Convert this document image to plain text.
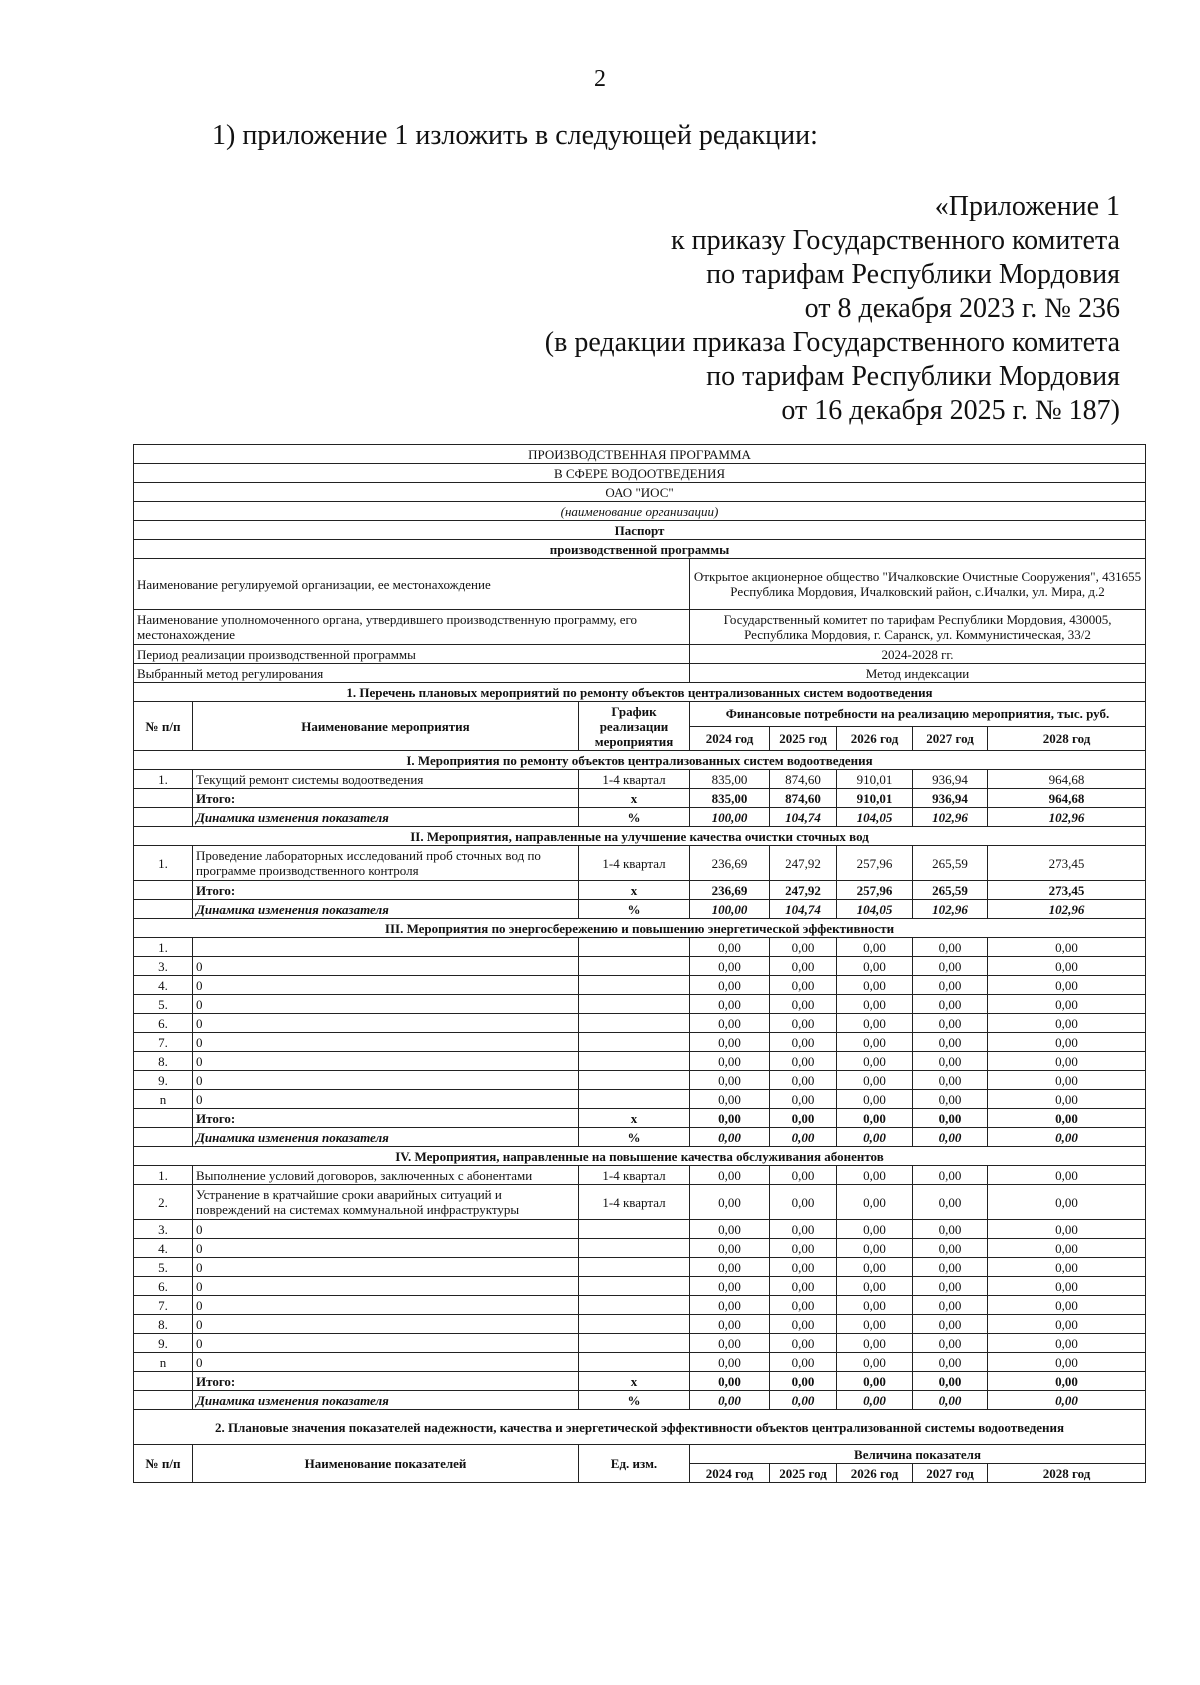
2
1) приложение 1 изложить в следующей редакции:
«Приложение 1
к приказу Государственного комитета
по тарифам Республики Мордовия
от 8 декабря 2023 г. № 236
(в редакции приказа Государственного комитета
по тарифам Республики Мордовия
от 16 декабря 2025 г. № 187)
ПРОИЗВОДСТВЕННАЯ ПРОГРАММА							
В СФЕРЕ ВОДООТВЕДЕНИЯ							
ОАО "ИОС"							
(наименование организации)							
Паспорт							
производственной программы							
Наименование регулируемой организации, ее местонахождение			Открытое акционерное общество "Ичалковские Очистные Сооружения", 431655 Республика Мордовия, Ичалковский район, с.Ичалки, ул. Мира, д.2				
Наименование уполномоченного органа, утвердившего производственную программу, его местонахождение			Государственный комитет по тарифам Республики Мордовия, 430005, Республика Мордовия, г. Саранск, ул. Коммунистическая, 33/2				
Период реализации производственной программы			2024-2028 гг.				
Выбранный метод регулирования			Метод индексации				
1. Перечень плановых мероприятий по ремонту объектов централизованных систем водоотведения							
№ п/п	Наименование мероприятия	График реализации мероприятия	Финансовые потребности на реализацию мероприятия, тыс. руб.				
			2024 год	2025 год	2026 год	2027 год	2028 год
I. Мероприятия по ремонту объектов централизованных систем водоотведения							
1.	Текущий ремонт системы водоотведения	1-4 квартал	835,00	874,60	910,01	936,94	964,68
	Итого:	x	835,00	874,60	910,01	936,94	964,68
	Динамика изменения показателя	%	100,00	104,74	104,05	102,96	102,96
II. Мероприятия, направленные на улучшение качества очистки сточных вод							
1.	Проведение лабораторных исследований проб сточных вод по программе производственного контроля	1-4 квартал	236,69	247,92	257,96	265,59	273,45
	Итого:	x	236,69	247,92	257,96	265,59	273,45
	Динамика изменения показателя	%	100,00	104,74	104,05	102,96	102,96
III. Мероприятия по энергосбережению и повышению энергетической эффективности							
1.			0,00	0,00	0,00	0,00	0,00
3.	0		0,00	0,00	0,00	0,00	0,00
4.	0		0,00	0,00	0,00	0,00	0,00
5.	0		0,00	0,00	0,00	0,00	0,00
6.	0		0,00	0,00	0,00	0,00	0,00
7.	0		0,00	0,00	0,00	0,00	0,00
8.	0		0,00	0,00	0,00	0,00	0,00
9.	0		0,00	0,00	0,00	0,00	0,00
n	0		0,00	0,00	0,00	0,00	0,00
	Итого:	x	0,00	0,00	0,00	0,00	0,00
	Динамика изменения показателя	%	0,00	0,00	0,00	0,00	0,00
IV. Мероприятия, направленные на повышение качества обслуживания абонентов							
1.	Выполнение условий договоров, заключенных с абонентами	1-4 квартал	0,00	0,00	0,00	0,00	0,00
2.	Устранение в кратчайшие сроки аварийных ситуаций и повреждений на системах коммунальной инфраструктуры	1-4 квартал	0,00	0,00	0,00	0,00	0,00
3.	0		0,00	0,00	0,00	0,00	0,00
4.	0		0,00	0,00	0,00	0,00	0,00
5.	0		0,00	0,00	0,00	0,00	0,00
6.	0		0,00	0,00	0,00	0,00	0,00
7.	0		0,00	0,00	0,00	0,00	0,00
8.	0		0,00	0,00	0,00	0,00	0,00
9.	0		0,00	0,00	0,00	0,00	0,00
n	0		0,00	0,00	0,00	0,00	0,00
	Итого:	x	0,00	0,00	0,00	0,00	0,00
	Динамика изменения показателя	%	0,00	0,00	0,00	0,00	0,00
2. Плановые значения показателей надежности, качества и энергетической эффективности объектов централизованной системы водоотведения							
№ п/п	Наименование показателей	Ед. изм.	Величина показателя				
			2024 год	2025 год	2026 год	2027 год	2028 год
